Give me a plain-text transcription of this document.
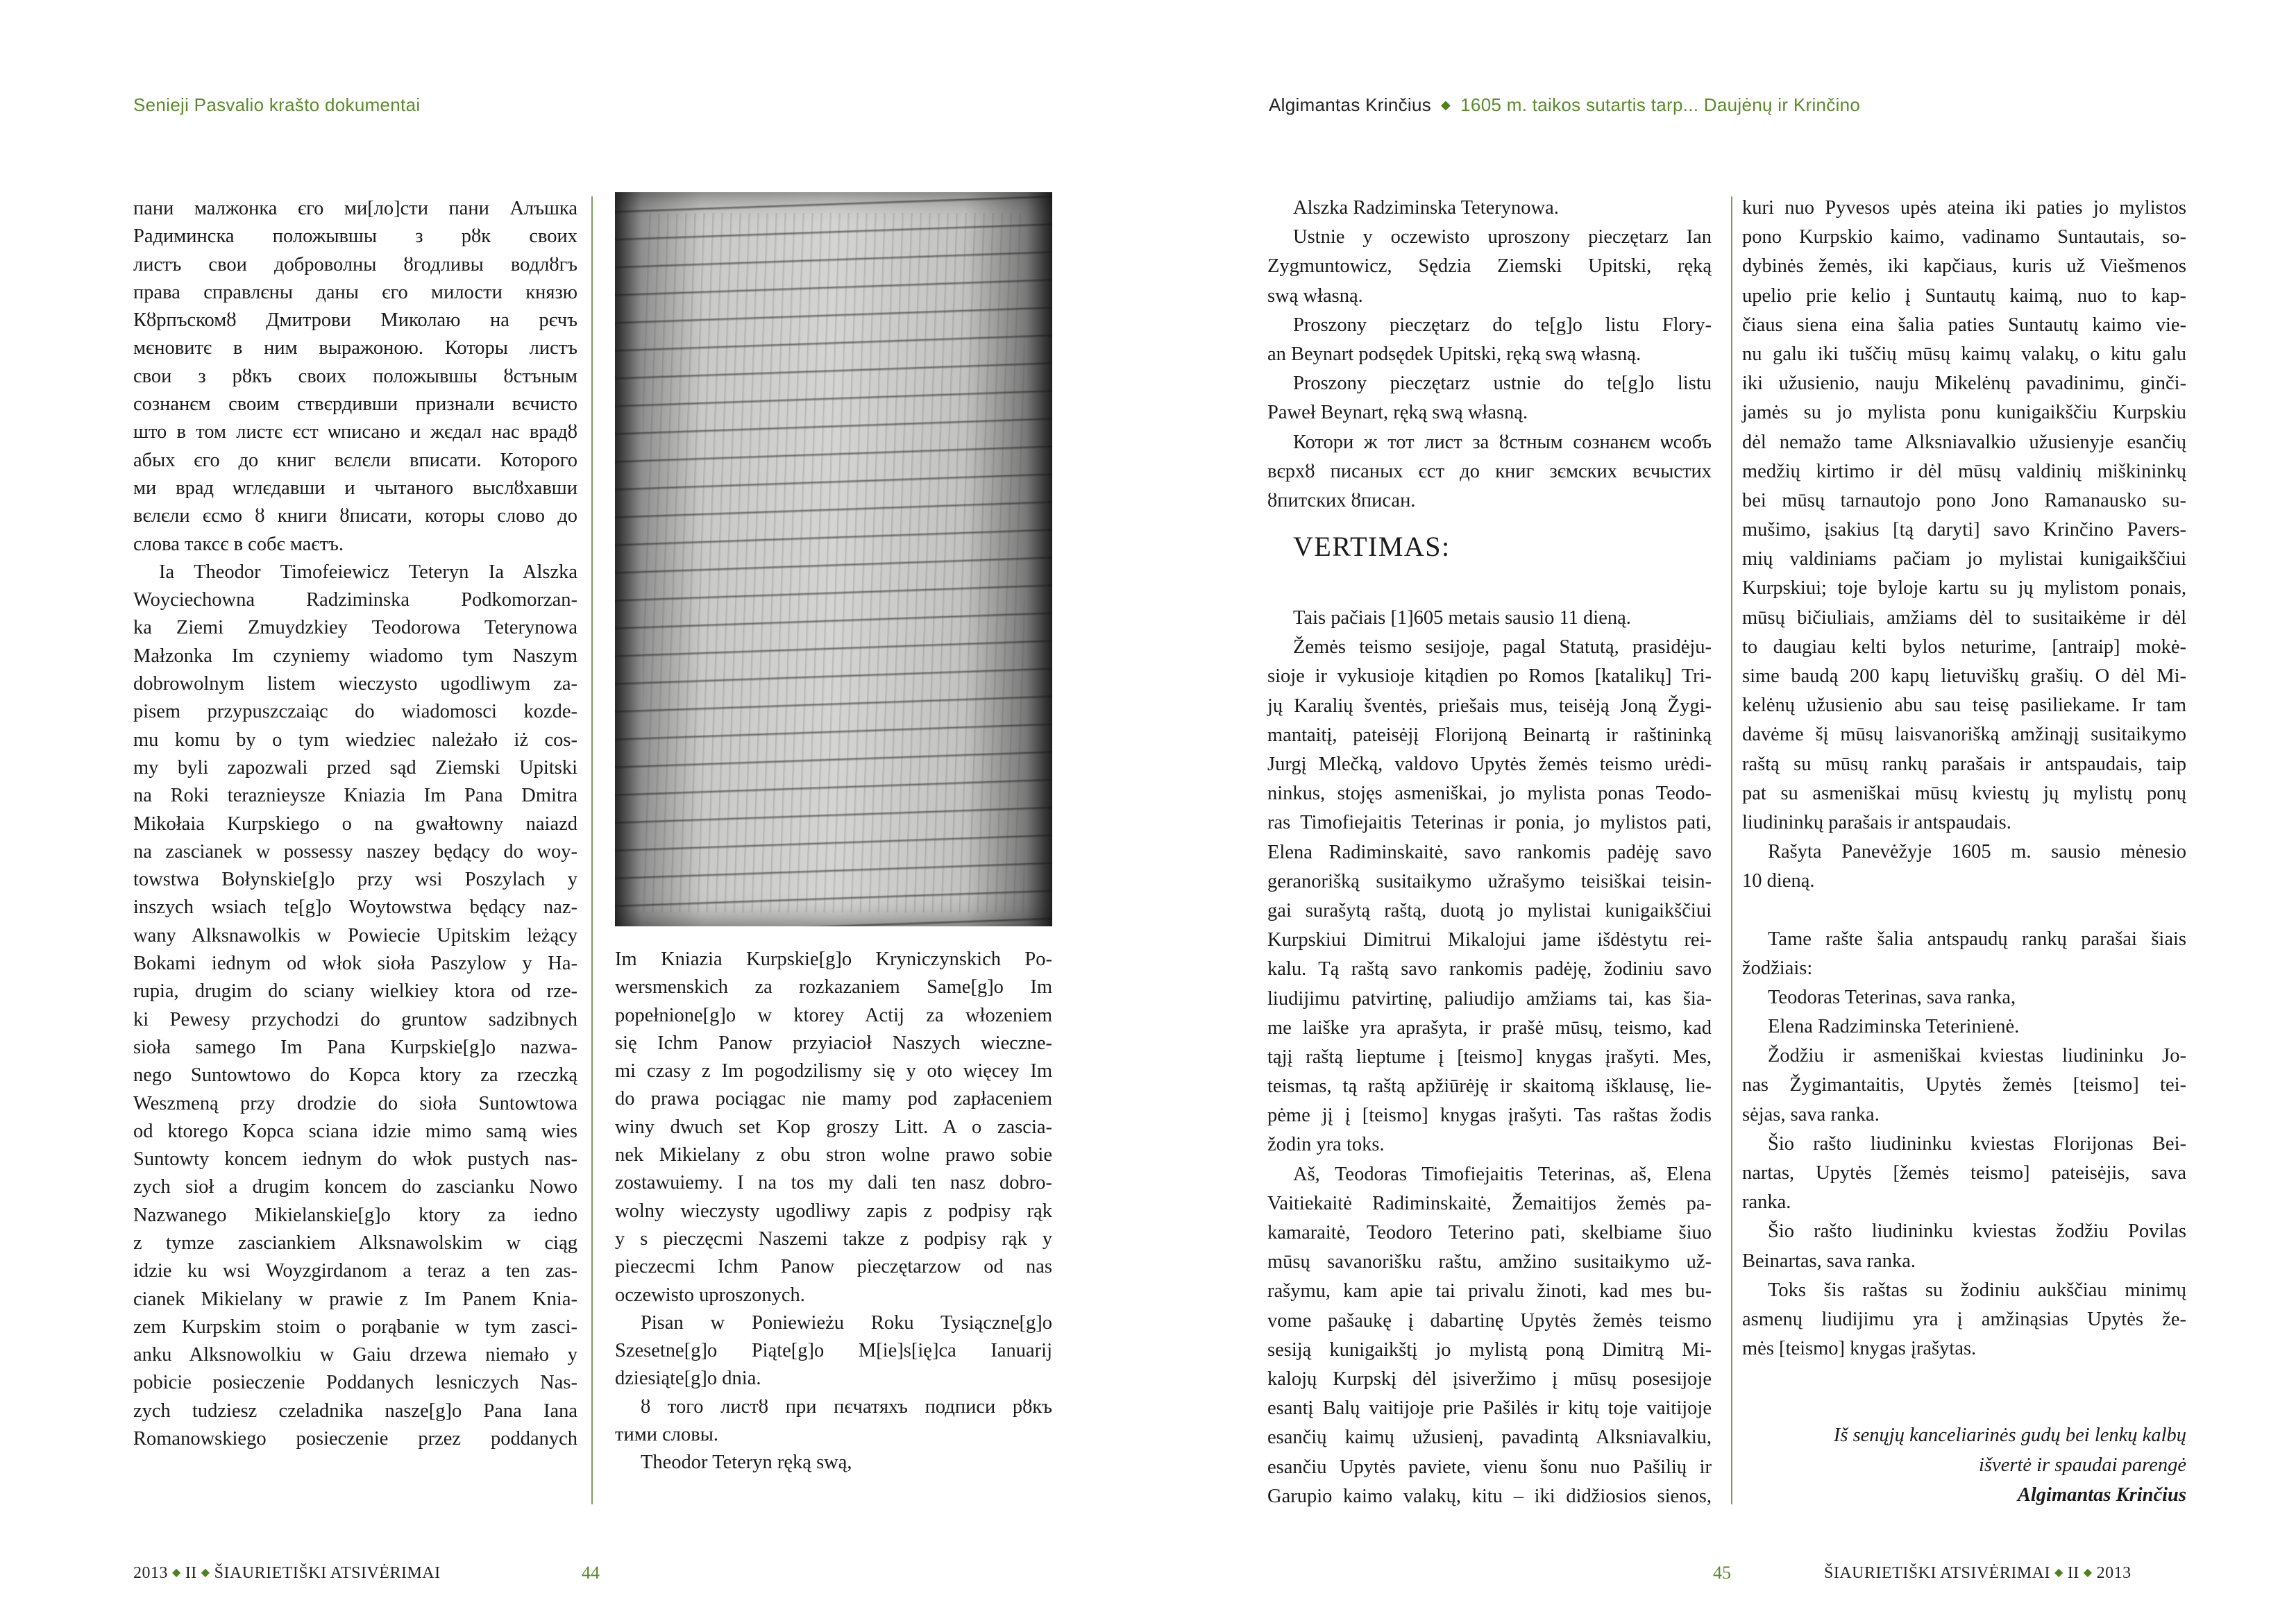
Senieji Pasvalio krašto dokumentai	Algimantas Krinčius ◆ 1605 m. taikos sutartis tarp... Daujėnų ir Krinčino
пани малжонка єго ми[ло]сти пани Алъшка
Радиминска положывшы з рȣк своих
листъ свои доброволны ȣгодливы водлȣгъ
права справлєны даны єго милости князю
Кȣрпъскомȣ Дмитрови Миколаю на рєчъ
мєновитє в ним выражоною. Которы листъ
свои з рȣкъ своих положывшы ȣстъным
сознанєм своим ствєрдивши признали вєчисто
што в том листє єст ѡписано и жєдал нас врадȣ
абых єго до книг вєлєли вписати. Которого
ми врад ѡглєдавши и чытаного выслȣхавши
вєлєли єсмо ȣ книги ȣписати, которы слово до
слова таксє в собє маєтъ.
Ia Theodor Timofeiewicz Teteryn Ia Alszka
Woyciechowna Radziminska Podkomorzan-
ka Ziemi Zmuydzkiey Teodorowa Teterynowa
Małzonka Im czyniemy wiadomo tym Naszym
dobrowolnym listem wieczysto ugodliwym za-
pisem przypuszczaiąc do wiadomosci kozde-
mu komu by o tym wiedziec należało iż cos-
my byli zapozwali przed sąd Ziemski Upitski
na Roki teraznieysze Kniazia Im Pana Dmitra
Mikołaia Kurpskiego o na gwałtowny naiazd
na zascianek w possessy naszey będący do woy-
towstwa Bołynskie[g]o przy wsi Poszylach y
inszych wsiach te[g]o Woytowstwa będący naz-
wany Alksnawolkis w Powiecie Upitskim leżący
Bokami iednym od włok sioła Paszylow y Ha-
rupia, drugim do sciany wielkiey ktora od rze-
ki Pewesy przychodzi do gruntow sadzibnych
sioła samego Im Pana Kurpskie[g]o nazwa-
nego Suntowtowo do Kopca ktory za rzeczką
Weszmeną przy drodzie do sioła Suntowtowa
od ktorego Kopca sciana idzie mimo samą wies
Suntowty koncem iednym do włok pustych nas-
zych sioł a drugim koncem do zascianku Nowo
Nazwanego Mikielanskie[g]o ktory za iedno
z tymze zasciankiem Alksnawolskim w ciąg
idzie ku wsi Woyzgirdanom a teraz a ten zas-
cianek Mikielany w prawie z Im Panem Knia-
zem Kurpskim stoim o porąbanie w tym zasci-
anku Alksnowolkiu w Gaiu drzewa niemało y
pobicie posieczenie Poddanych lesniczych Nas-
zych tudziesz czeladnika nasze[g]o Pana Iana
Romanowskiego posieczenie przez poddanych
Im Kniazia Kurpskie[g]o Kryniczynskich Po-
wersmenskich za rozkazaniem Same[g]o Im
popełnione[g]o w ktorey Actij za włozeniem
się Ichm Panow przyiacioł Naszych wieczne-
mi czasy z Im pogodzilismy się y oto więcey Im
do prawa pociągac nie mamy pod zapłaceniem
winy dwuch set Kop groszy Litt. A o zascia-
nek Mikielany z obu stron wolne prawo sobie
zostawuiemy. I na tos my dali ten nasz dobro-
wolny wieczysty ugodliwy zapis z podpisy rąk
y s pieczęcmi Naszemi takze z podpisy rąk y
pieczecmi Ichm Panow pieczętarzow od nas
oczewisto uproszonych.
Pisan w Poniewieżu Roku Tysiączne[g]o
Szesetne[g]o Piąte[g]o M[ie]s[ię]ca Ianuarij
dziesiąte[g]o dnia.
ȣ того листȣ при пєчатяхъ подписи рȣкъ
тими словы.
Theodor Teteryn ręką swą,
Alszka Radziminska Teterynowa.
Ustnie y oczewisto uproszony pieczętarz Ian
Zygmuntowicz, Sędzia Ziemski Upitski, ręką
swą własną.
Proszony pieczętarz do te[g]o listu Flory-
an Beynart podsędek Upitski, ręką swą własną.
Proszony pieczętarz ustnie do te[g]o listu
Paweł Beynart, ręką swą własną.
Котори ж тот лист за ȣстным сознанєм ѡсобъ
вєрхȣ писаных єст до книг зємских вєчыстих
ȣпитских ȣписан.
VERTIMAS:
Tais pačiais [1]605 metais sausio 11 dieną.
Žemės teismo sesijoje, pagal Statutą, prasidėju-
sioje ir vykusioje kitądien po Romos [katalikų] Tri-
jų Karalių šventės, priešais mus, teisėją Joną Žygi-
mantaitį, pateisėjį Florijoną Beinartą ir raštininką
Jurgį Mlečką, valdovo Upytės žemės teismo urėdi-
ninkus, stojęs asmeniškai, jo mylista ponas Teodo-
ras Timofiejaitis Teterinas ir ponia, jo mylistos pati,
Elena Radiminskaitė, savo rankomis padėję savo
geranorišką susitaikymo užrašymo teisiškai teisin-
gai surašytą raštą, duotą jo mylistai kunigaikščiui
Kurpskiui Dimitrui Mikalojui jame išdėstytu rei-
kalu. Tą raštą savo rankomis padėję, žodiniu savo
liudijimu patvirtinę, paliudijo amžiams tai, kas šia-
me laiške yra aprašyta, ir prašė mūsų, teismo, kad
tąjį raštą lieptume į [teismo] knygas įrašyti. Mes,
teismas, tą raštą apžiūrėję ir skaitomą išklausę, lie-
pėme jį į [teismo] knygas įrašyti. Tas raštas žodis
žodin yra toks.
Aš, Teodoras Timofiejaitis Teterinas, aš, Elena
Vaitiekaitė Radiminskaitė, Žemaitijos žemės pa-
kamaraitė, Teodoro Teterino pati, skelbiame šiuo
mūsų savanorišku raštu, amžino susitaikymo už-
rašymu, kam apie tai privalu žinoti, kad mes bu-
vome pašaukę į dabartinę Upytės žemės teismo
sesiją kunigaikštį jo mylistą poną Dimitrą Mi-
kalojų Kurpskį dėl įsiveržimo į mūsų posesijoje
esantį Balų vaitijoje prie Pašilės ir kitų toje vaitijoje
esančių kaimų užusienį, pavadintą Alksniavalkiu,
esančiu Upytės paviete, vienu šonu nuo Pašilių ir
Garupio kaimo valakų, kitu – iki didžiosios sienos,
kuri nuo Pyvesos upės ateina iki paties jo mylistos
pono Kurpskio kaimo, vadinamo Suntautais, so-
dybinės žemės, iki kapčiaus, kuris už Viešmenos
upelio prie kelio į Suntautų kaimą, nuo to kap-
čiaus siena eina šalia paties Suntautų kaimo vie-
nu galu iki tuščių mūsų kaimų valakų, o kitu galu
iki užusienio, nauju Mikelėnų pavadinimu, ginči-
jamės su jo mylista ponu kunigaikščiu Kurpskiu
dėl nemažo tame Alksniavalkio užusienyje esančių
medžių kirtimo ir dėl mūsų valdinių miškininkų
bei mūsų tarnautojo pono Jono Ramanausko su-
mušimo, įsakius [tą daryti] savo Krinčino Pavers-
mių valdiniams pačiam jo mylistai kunigaikščiui
Kurpskiui; toje byloje kartu su jų mylistom ponais,
mūsų bičiuliais, amžiams dėl to susitaikėme ir dėl
to daugiau kelti bylos neturime, [antraip] mokė-
sime baudą 200 kapų lietuviškų grašių. O dėl Mi-
kelėnų užusienio abu sau teisę pasiliekame. Ir tam
davėme šį mūsų laisvanorišką amžinąjį susitaikymo
raštą su mūsų rankų parašais ir antspaudais, taip
pat su asmeniškai mūsų kviestų jų mylistų ponų
liudininkų parašais ir antspaudais.
Rašyta Panevėžyje 1605 m. sausio mėnesio
10 dieną.
Tame rašte šalia antspaudų rankų parašai šiais
žodžiais:
Teodoras Teterinas, sava ranka,
Elena Radziminska Teterinienė.
Žodžiu ir asmeniškai kviestas liudininku Jo-
nas Žygimantaitis, Upytės žemės [teismo] tei-
sėjas, sava ranka.
Šio rašto liudininku kviestas Florijonas Bei-
nartas, Upytės [žemės teismo] pateisėjis, sava
ranka.
Šio rašto liudininku kviestas žodžiu Povilas
Beinartas, sava ranka.
Toks šis raštas su žodiniu aukščiau minimų
asmenų liudijimu yra į amžinąsias Upytės že-
mės [teismo] knygas įrašytas.
Iš senųjų kanceliarinės gudų bei lenkų kalbų
išvertė ir spaudai parengė
Algimantas Krinčius
2013 ◆ II ◆ ŠIAURIETIŠKI ATSIVĖRIMAI	44	45	ŠIAURIETIŠKI ATSIVĖRIMAI ◆ II ◆ 2013
